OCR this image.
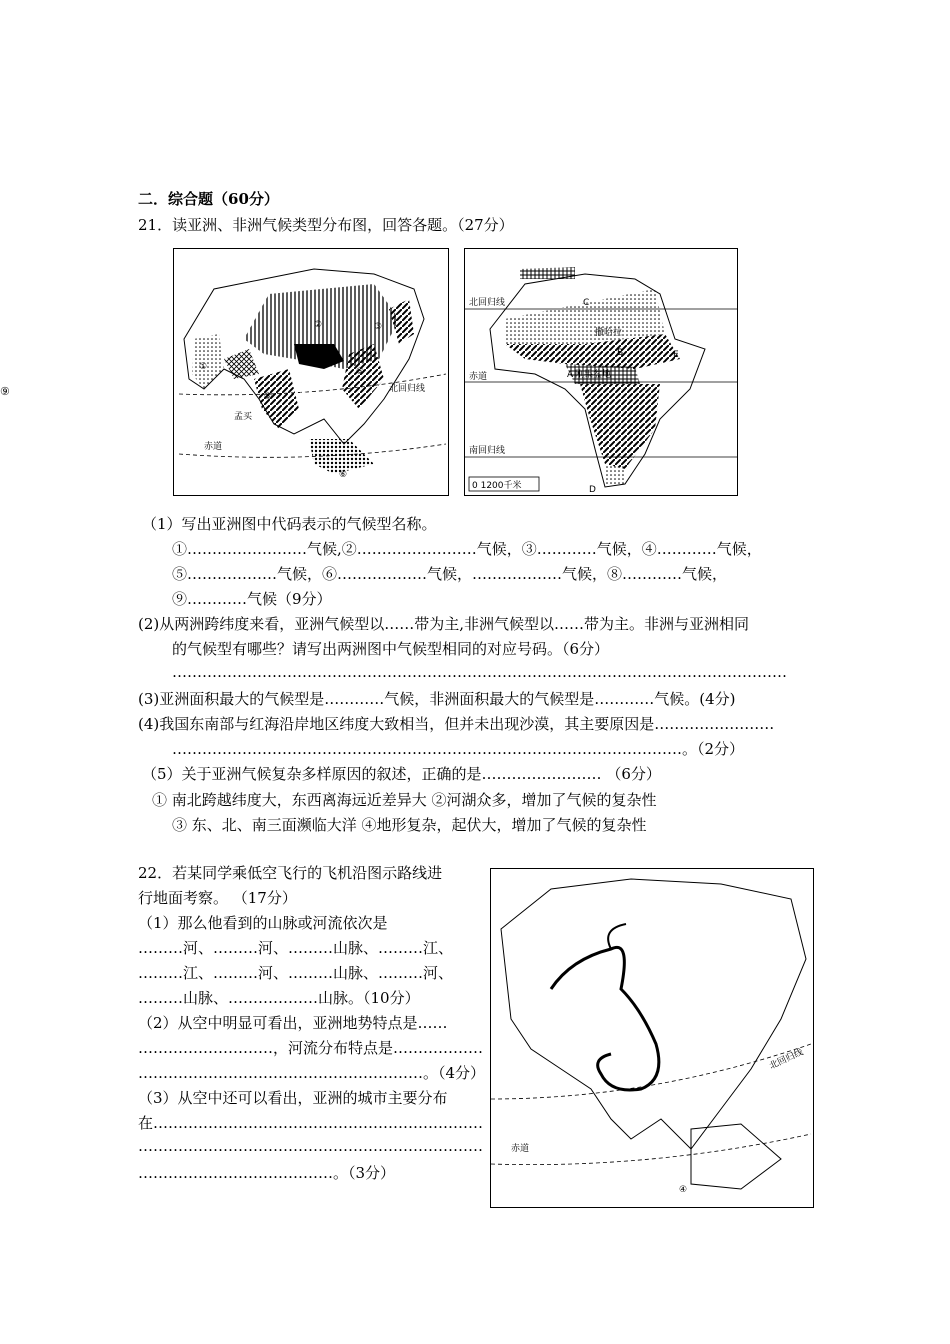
⑨
二．综合题（60分）
21．读亚洲、非洲气候类型分布图，回答各题。（27分）
北回归线
赤道
孟买
①
②	③
④
⑤
⑥
⑧	⑨
北回归线
赤道
南回归线
撒哈拉
刚果盆地
0 1200千米
A
B
C
D
E
（1）写出亚洲图中代码表示的气候型名称。
①……………………气候,②……………………气候，③…………气候，④…………气候，
⑤………………气候，⑥………………气候，………………气候，⑧…………气候，
⑨…………气候（9分）
(2)从两洲跨纬度来看，亚洲气候型以……带为主,非洲气候型以……带为主。非洲与亚洲相同
的气候型有哪些？请写出两洲图中气候型相同的对应号码。（6分）
……………………………………………………………………………………………………………
(3)亚洲面积最大的气候型是…………气候，非洲面积最大的气候型是…………气候。(4分)
(4)我国东南部与红海沿岸地区纬度大致相当，但并未出现沙漠，其主要原因是……………………
…………………………………………………………………………………………。（2分）
（5）关于亚洲气候复杂多样原因的叙述，正确的是…………………… （6分）
① 南北跨越纬度大，东西离海远近差异大 ②河湖众多，增加了气候的复杂性
③ 东、北、南三面濒临大洋 ④地形复杂，起伏大，增加了气候的复杂性
22．若某同学乘低空飞行的飞机沿图示路线进
行地面考察。 （17分）
（1）那么他看到的山脉或河流依次是
………河、………河、………山脉、………江、
………江、………河、………山脉、………河、
………山脉、………………山脉。（10分）
（2）从空中明显可看出，亚洲地势特点是……
………………………，河流分布特点是………………
…………………………………………………。（4分）
（3）从空中还可以看出，亚洲的城市主要分布
在…………………………………………………………
……………………………………………………………
…………………………………。（3分）
北回归线
赤道
④
